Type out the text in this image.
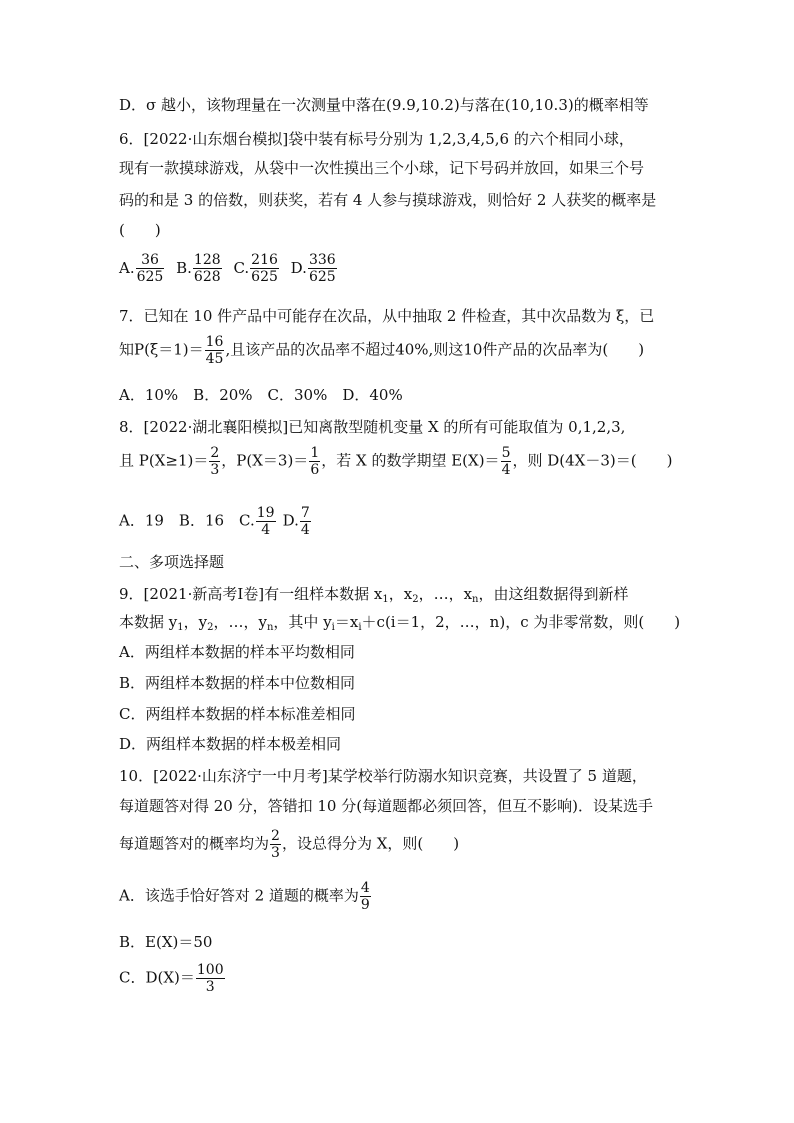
D．σ 越小，该物理量在一次测量中落在(9.9,10.2)与落在(10,10.3)的概率相等
6．[2022·山东烟台模拟]袋中装有标号分别为 1,2,3,4,5,6 的六个相同小球，
现有一款摸球游戏，从袋中一次性摸出三个小球，记下号码并放回，如果三个号
码的和是 3 的倍数，则获奖，若有 4 人参与摸球游戏，则恰好 2 人获奖的概率是
(　　)
A. $\frac{36}{625} B$. $\frac{128}{628} C$. $\frac{216}{625} D$. $\frac{336}{625}$
7．已知在 10 件产品中可能存在次品，从中抽取 2 件检查，其中次品数为 ξ，已
知$P(\xi=1)= \frac{16}{45}$ ,且该产品的次品率不超过40%,则这10件产品的次品率为(　　)
A．10%　B．20%　C．30%　D．40%
8．[2022·湖北襄阳模拟]已知离散型随机变量 X 的所有可能取值为 0,1,2,3,
且 $P(X\ge 1)= \frac{2}{3}$ ，$P(X=3)= \frac{1}{6}$ ，若 X 的数学期望 $E(X)= \frac{5}{4}$ ，则 D(4X－3)＝(　　)
A．19　B．16　C. $\frac{19}{4} D$. $\frac{7}{4}$
二、多项选择题
9．[2021·新高考Ⅰ卷]有一组样本数据 $x_1$，$x_2$，…，$x_n$，由这组数据得到新样
本数据 $y_1$，$y_2$，…，$y_n$，其中 $y_i=x_i+c(i=1$，2，…，n)，c 为非零常数，则(　　)
A．两组样本数据的样本平均数相同
B．两组样本数据的样本中位数相同
C．两组样本数据的样本标准差相同
D．两组样本数据的样本极差相同
10．[2022·山东济宁一中月考]某学校举行防溺水知识竞赛，共设置了 5 道题，
每道题答对得 20 分，答错扣 10 分(每道题都必须回答，但互不影响)．设某选手
每道题答对的概率均为 $\frac{2}{3}$ ，设总得分为 X，则(　　)
A．该选手恰好答对 2 道题的概率为 $\frac{4}{9}$
B．E(X)＝50
C．$D(X)= \frac{100}{3}$
